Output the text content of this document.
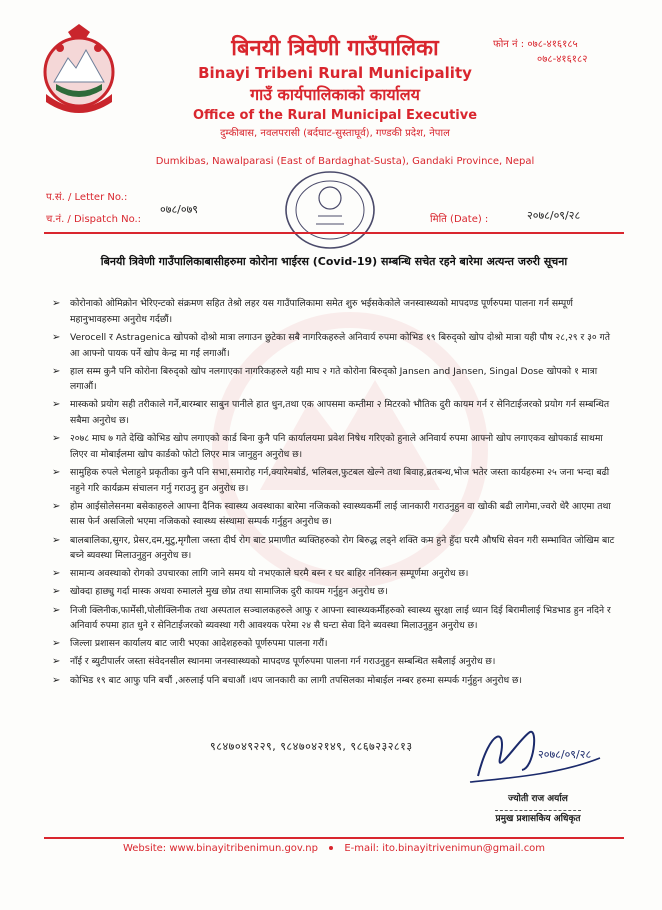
बिनयी त्रिवेणी गाउँपालिका
Binayi Tribeni Rural Municipality
गाउँ कार्यपालिकाको कार्यालय
Office of the Rural Municipal Executive
दुम्कीबास, नवलपरासी (बर्दघाट-सुस्ताघूर्व), गण्डकी प्रदेश, नेपाल
Dumkibas, Nawalparasi (East of Bardaghat-Susta), Gandaki Province, Nepal
फोन नं : ०७८-४१६१८५
०७८-४१६१८२
प.सं. / Letter No.:
च.नं. / Dispatch No.:
०७८/०७९
मिति (Date) :	२०७८/०९/२८
बिनयी त्रिवेणी गाउँपालिकाबासीहरुमा कोरोना भाईरस (Covid-19) सम्बन्धि सचेत रहने बारेमा अत्यन्त जरुरी सूचना
➢ कोरोनाको ओमिक्रोन भेरिएन्टको संक्रमण सहित तेश्रो लहर यस गाउँपालिकामा समेत शुरु भईसकेकोले जनस्वास्थ्यको मापदण्ड पूर्णरुपमा पालना गर्न सम्पूर्ण महानुभावहरुमा अनुरोध गर्दछौं।
➢ Verocell र Astragenica खोपको दोश्रो मात्रा लगाउन छुटेका सबै नागरिकहरुले अनिवार्य रुपमा कोभिड १९ बिरुद्को खोप दोश्रो मात्रा यही पौष २८,२९ र ३० गते आ आफ्नो पायक पर्ने खोप केन्द्र मा गई लगाऔं।
➢ हाल सम्म कुनै पनि कोरोना बिरुद्को खोप नलगाएका नागरिकहरुले यही माघ २ गते कोरोना बिरुद्को Jansen and Jansen, Singal Dose खोपको १ मात्रा लगाऔं।
➢ मास्कको प्रयोग सही तरीकाले गर्ने,बारम्बार साबुन पानीले हात धुन,तथा एक आपसमा कम्तीमा २ मिटरको भौतिक दुरी कायम गर्न र सेनिटाईजरको प्रयोग गर्न सम्बन्धित सबैमा अनुरोध छ।
➢ २०७८ माघ ७ गते देखि कोभिड खोप लगाएको कार्ड बिना कुनै पनि कार्यालयमा प्रवेश निषेध गरिएको हुनाले अनिवार्य रुपमा आफ्नो खोप लगाएकव खोपकार्ड साथमा लिएर वा मोबाईलमा खोप कार्डको फोटो लिएर मात्र जानुहुन अनुरोध छ।
➢ सामुहिक रुपले भेलाहुने प्रकृतीका कुनै पनि सभा,समारोह गर्न,क्यारेमबोर्ड, भलिबल,फुटबल खेल्ने तथा बिवाह,ब्रतबन्ध,भोज भतेर जस्ता कार्यहरुमा २५ जना भन्दा बढी नहुने गरि कार्यक्रम संचालन गर्नु गराउनु हुन अनुरोध छ।
➢ होम आईसोलेसनमा बसेकाहरुले आफ्ना दैनिक स्वास्थ्य अवस्थाका बारेमा नजिकको स्वास्थ्यकर्मी लाई जानकारी गराउनुहुन वा खोकी बढी लागेमा,ज्वरो धेरै आएमा तथा सास फेर्न असजिलो भएमा नजिकको स्वास्थ्य संस्थामा सम्पर्क गर्नुहुन अनुरोध छ।
➢ बालबालिका,सुगर, प्रेसर,दम,मुटु,मृगौला जस्ता दीर्घ रोग बाट प्रमाणीत ब्यक्तिहरुको रोग बिरुद्ध लड्ने शक्ति कम हुने हुँदा घरमै औषधि सेवन गरी सम्भावित जोखिम बाट बच्ने ब्यवस्था मिलाउनुहुन अनुरोध छ।
➢ सामान्य अवस्थाको रोगको उपचारका लागि जाने समय यो नभएकाले घरमै बस्न र घर बाहिर ननिस्कन सम्पूर्णमा अनुरोध छ।
➢ खोक्दा हाछ्यु गर्दा मास्क अथवा रुमालले मुख छोप्न तथा सामाजिक दुरी कायम गर्नुहुन अनुरोध छ।
➢ निजी क्लिनीक,फार्मेसी,पोलीक्लिनीक तथा अस्पताल सञ्चालकहरुले आफु र आफ्ना स्वास्थ्यकर्मीहरुको स्वास्थ्य सुरक्षा लाई ध्यान दिई बिरामीलाई भिडभाड हुन नदिने र अनिवार्य रुपमा हात धुने र सेनिटाईजरको ब्यवस्था गरी आवश्यक परेमा २४ सै घन्टा सेवा दिने ब्यवस्था मिलाउनुहुन अनुरोध छ।
➢ जिल्ला प्रशासन कार्यालय बाट जारी भएका आदेशहरुको पूर्णरुपमा पालना गरौं।
➢ नाँई र ब्युटीपार्लर जस्ता संवेदनसील स्थानमा जनस्वास्थ्यको मापदण्ड पूर्णरुपमा पालना गर्न गराउनुहुन सम्बन्धित सबैलाई अनुरोध छ।
➢ कोभिड १९ बाट आफु पनि बचौं ,अरुलाई पनि बचाऔं ।थप जानकारी का लागी तपसिलका मोबाईल नम्बर हरुमा सम्पर्क गर्नुहुन अनुरोध छ।
९८४७०४९२२९, ९८४७०४२१४९, ९८६७२३२८१३
२०७८/०९/२८
ज्योती राज अर्याल
प्रमुख प्रशासकिय अधिकृत
Website: www.binayitribenimun.gov.np	E-mail: ito.binayitrivenimun@gmail.com
